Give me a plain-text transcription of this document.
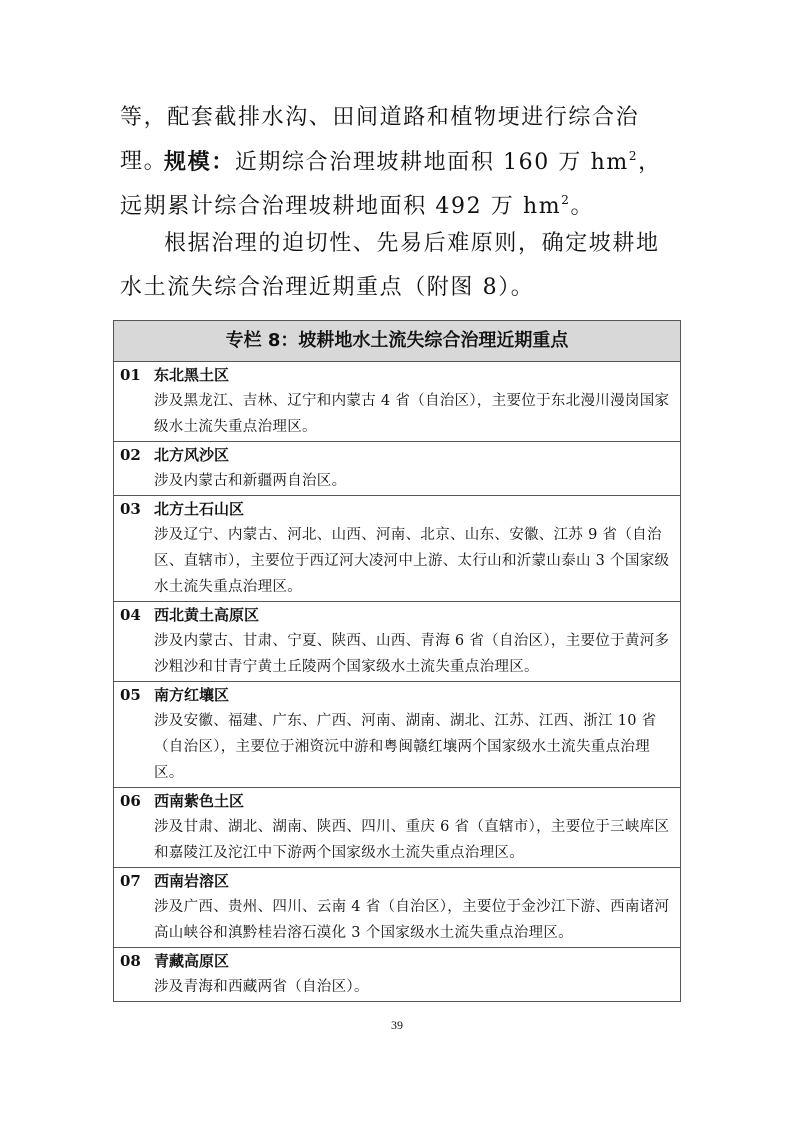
等，配套截排水沟、田间道路和植物埂进行综合治理。

规模：近期综合治理坡耕地面积 160 万 $hm^2$，远期累计综合治理坡耕地面积 492 万 $hm^2$。

根据治理的迫切性、先易后难原则，确定坡耕地水土流失综合治理近期重点（附图 8）。

专栏 8：坡耕地水土流失综合治理近期重点
01 东北黑土区
涉及黑龙江、吉林、辽宁和内蒙古 4 省（自治区），主要位于东北漫川漫岗国家级水土流失重点治理区。
02 北方风沙区
涉及内蒙古和新疆两自治区。
03 北方土石山区
涉及辽宁、内蒙古、河北、山西、河南、北京、山东、安徽、江苏 9 省（自治区、直辖市），主要位于西辽河大凌河中上游、太行山和沂蒙山泰山 3 个国家级水土流失重点治理区。
04 西北黄土高原区
涉及内蒙古、甘肃、宁夏、陕西、山西、青海 6 省（自治区），主要位于黄河多沙粗沙和甘青宁黄土丘陵两个国家级水土流失重点治理区。
05 南方红壤区
涉及安徽、福建、广东、广西、河南、湖南、湖北、江苏、江西、浙江 10 省（自治区），主要位于湘资沅中游和粤闽赣红壤两个国家级水土流失重点治理区。
06 西南紫色土区
涉及甘肃、湖北、湖南、陕西、四川、重庆 6 省（直辖市），主要位于三峡库区和嘉陵江及沱江中下游两个国家级水土流失重点治理区。
07 西南岩溶区
涉及广西、贵州、四川、云南 4 省（自治区），主要位于金沙江下游、西南诸河高山峡谷和滇黔桂岩溶石漠化 3 个国家级水土流失重点治理区。
08 青藏高原区
涉及青海和西藏两省（自治区）。
39
